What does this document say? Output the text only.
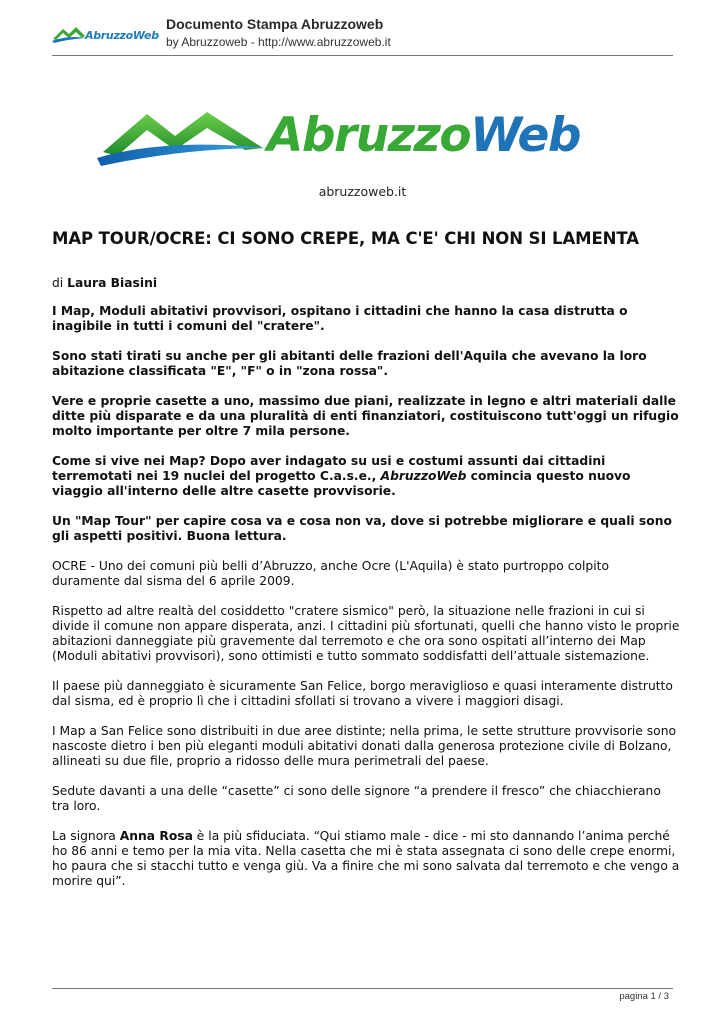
AbruzzoWeb
Documento Stampa Abruzzoweb
by Abruzzoweb - http://www.abruzzoweb.it
AbruzzoWeb
abruzzoweb.it
MAP TOUR/OCRE: CI SONO CREPE, MA C'E' CHI NON SI LAMENTA

di Laura Biasini

I Map, Moduli abitativi provvisori, ospitano i cittadini che hanno la casa distrutta o inagibile in tutti i comuni del "cratere".

Sono stati tirati su anche per gli abitanti delle frazioni dell'Aquila che avevano la loro abitazione classificata "E", "F" o in "zona rossa".

Vere e proprie casette a uno, massimo due piani, realizzate in legno e altri materiali dalle ditte più disparate e da una pluralità di enti finanziatori, costituiscono tutt'oggi un rifugio molto importante per oltre 7 mila persone.

Come si vive nei Map? Dopo aver indagato su usi e costumi assunti dai cittadini terremotati nei 19 nuclei del progetto C.a.s.e., AbruzzoWeb comincia questo nuovo viaggio all'interno delle altre casette provvisorie.

Un "Map Tour" per capire cosa va e cosa non va, dove si potrebbe migliorare e quali sono gli aspetti positivi. Buona lettura.

OCRE - Uno dei comuni più belli d’Abruzzo, anche Ocre (L'Aquila) è stato purtroppo colpito duramente dal sisma del 6 aprile 2009.

Rispetto ad altre realtà del cosiddetto "cratere sismico" però, la situazione nelle frazioni in cui si divide il comune non appare disperata, anzi. I cittadini più sfortunati, quelli che hanno visto le proprie abitazioni danneggiate più gravemente dal terremoto e che ora sono ospitati all’interno dei Map (Moduli abitativi provvisori), sono ottimisti e tutto sommato soddisfatti dell’attuale sistemazione.

Il paese più danneggiato è sicuramente San Felice, borgo meraviglioso e quasi interamente distrutto dal sisma, ed è proprio lì che i cittadini sfollati si trovano a vivere i maggiori disagi.

I Map a San Felice sono distribuiti in due aree distinte; nella prima, le sette strutture provvisorie sono nascoste dietro i ben più eleganti moduli abitativi donati dalla generosa protezione civile di Bolzano, allineati su due file, proprio a ridosso delle mura perimetrali del paese.

Sedute davanti a una delle “casette” ci sono delle signore “a prendere il fresco” che chiacchierano tra loro.

La signora Anna Rosa è la più sfiduciata. “Qui stiamo male - dice - mi sto dannando l’anima perché ho 86 anni e temo per la mia vita. Nella casetta che mi è stata assegnata ci sono delle crepe enormi, ho paura che si stacchi tutto e venga giù. Va a finire che mi sono salvata dal terremoto e che vengo a morire qui”.

pagina 1 / 3
